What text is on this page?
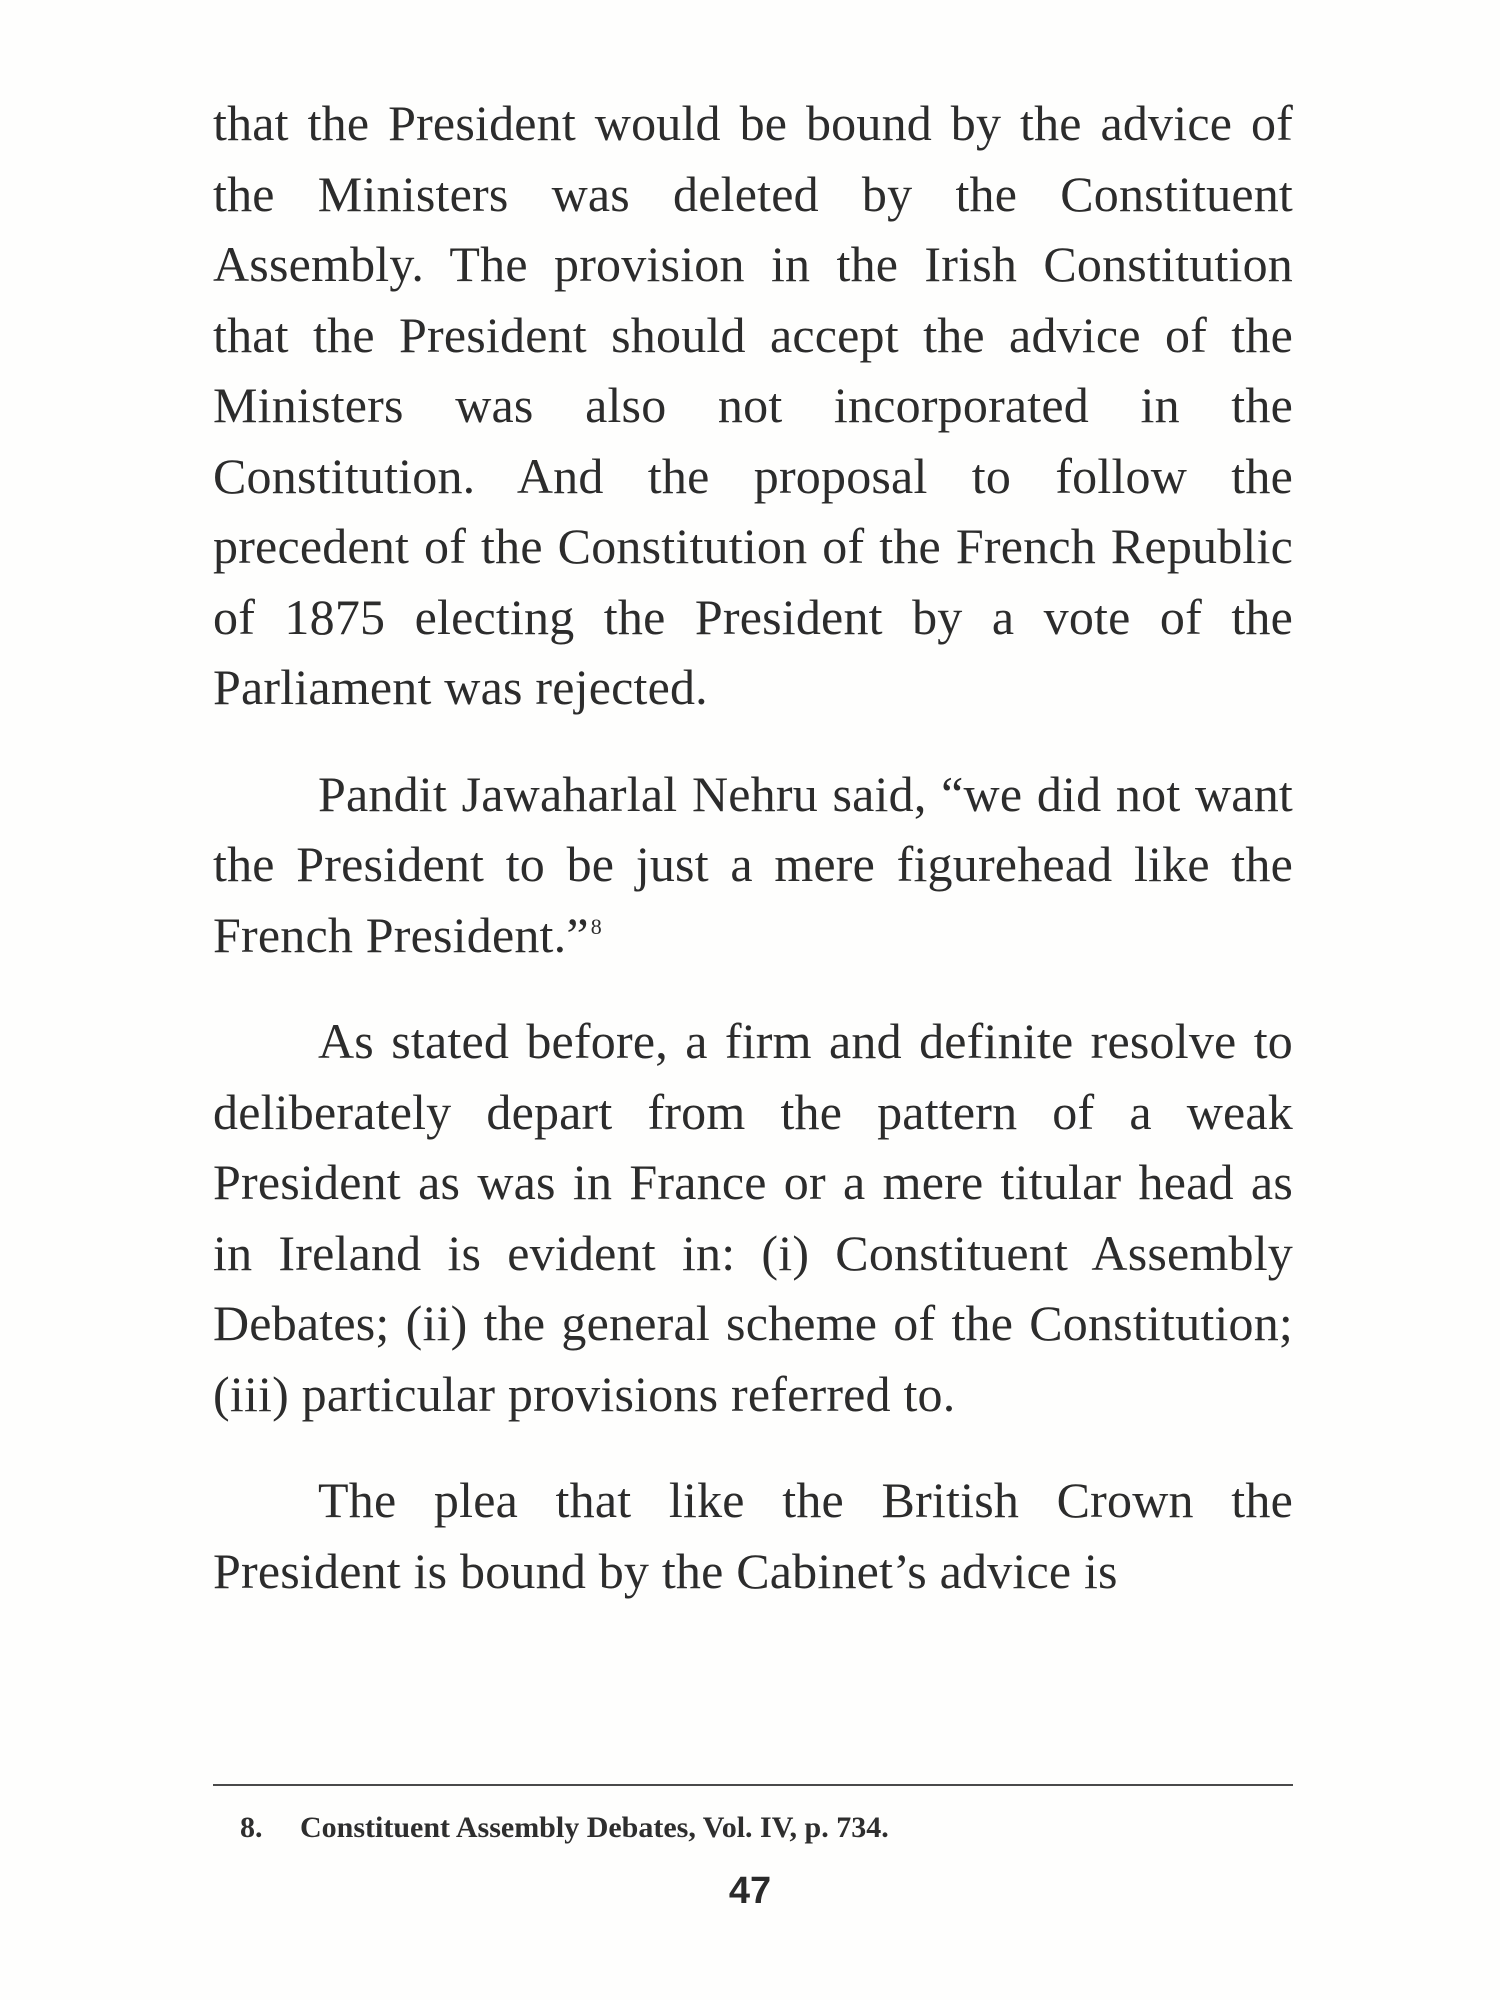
that the President would be bound by the advice of the Ministers was deleted by the Constituent Assembly. The provision in the Irish Constitution that the President should accept the advice of the Ministers was also not incorporated in the Constitution. And the proposal to follow the precedent of the Constitution of the French Republic of 1875 electing the President by a vote of the Parliament was rejected.

Pandit Jawaharlal Nehru said, “we did not want the President to be just a mere figurehead like the French President.”$^8$

As stated before, a firm and definite resolve to deliberately depart from the pattern of a weak President as was in France or a mere titular head as in Ireland is evident in: (i) Constituent Assembly Debates; (ii) the general scheme of the Constitution; (iii) particular provisions referred to.

The plea that like the British Crown the President is bound by the Cabinet’s advice is

8.	Constituent Assembly Debates, Vol. IV, p. 734.
47
